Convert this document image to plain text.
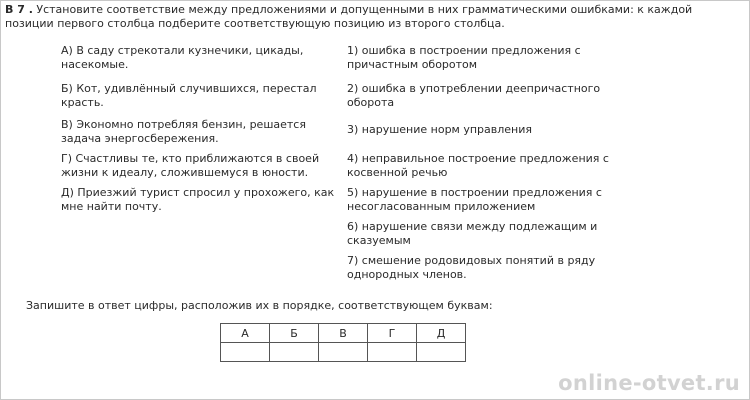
B 7 . Установите соответствие между предложениями и допущенными в них грамматическими ошибками: к каждой позиции первого столбца подберите соответствующую позицию из второго столбца.
А) В саду стрекотали кузнечики, цикады, насекомые.
Б) Кот, удивлённый случившихся, перестал красть.
В) Экономно потребляя бензин, решается задача энергосбережения.
Г) Счастливы те, кто приближаются в своей жизни к идеалу, сложившемуся в юности.
Д) Приезжий турист спросил у прохожего, как мне найти почту.
1) ошибка в построении предложения с причастным оборотом
2) ошибка в употреблении деепричастного оборота
3) нарушение норм управления
4) неправильное построение предложения с косвенной речью
5) нарушение в построении предложения с несогласованным приложением
6) нарушение связи между подлежащим и сказуемым
7) смешение родовидовых понятий в ряду однородных членов.
Запишите в ответ цифры, расположив их в порядке, соответствующем буквам:
А	Б	В	Г	Д

online-otvet.ru
